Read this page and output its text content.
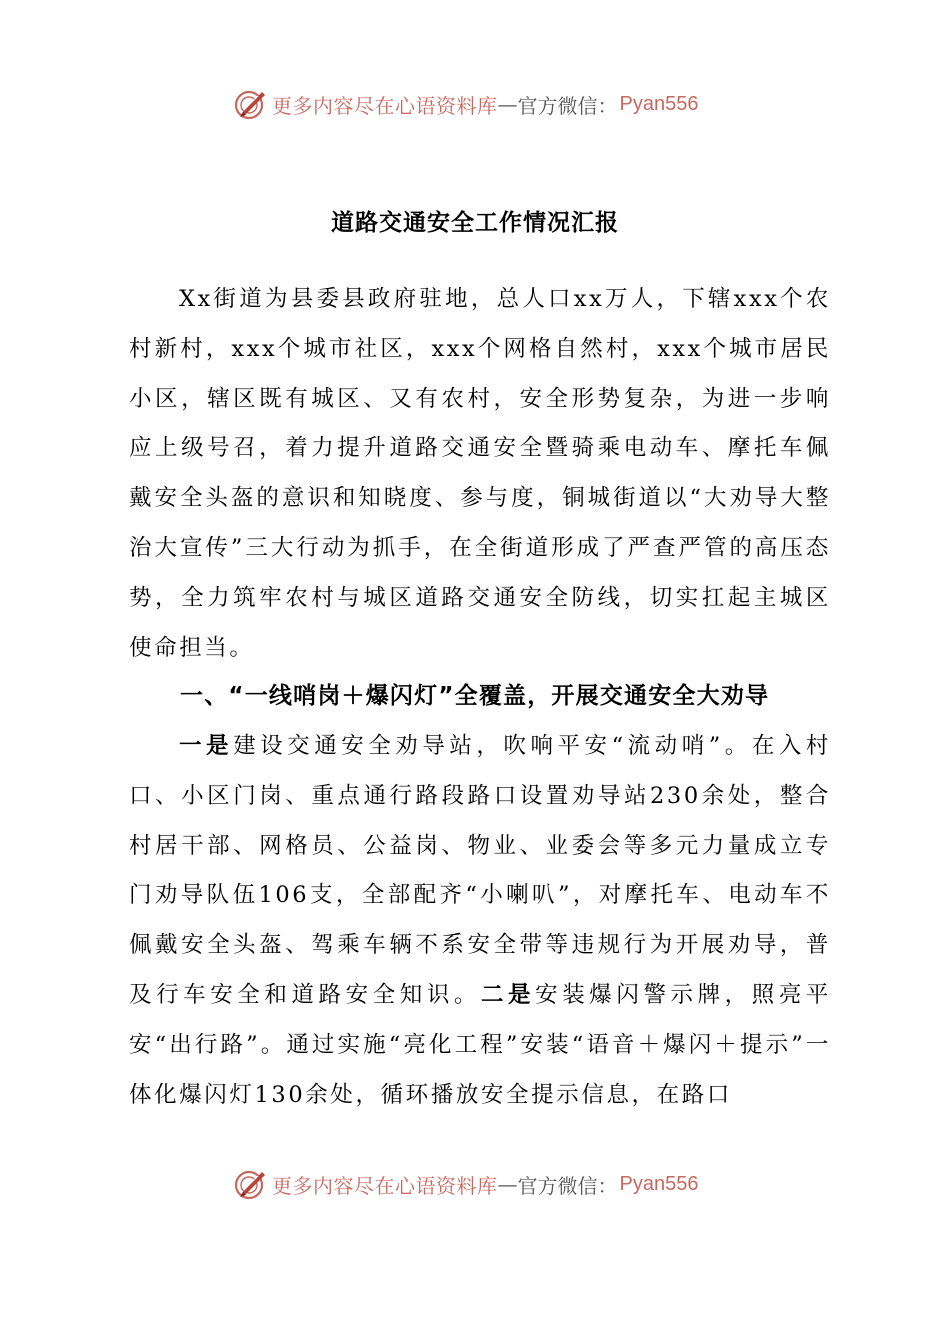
更多内容尽在心语资料库 — 官方微信： Pyan556
道路交通安全工作情况汇报

Xx街道为县委县政府驻地，总人口xx万人，下辖xxx个农村新村，xxx个城市社区，xxx个网格自然村，xxx个城市居民小区，辖区既有城区、又有农村，安全形势复杂，为进一步响应上级号召，着力提升道路交通安全暨骑乘电动车、摩托车佩戴安全头盔的意识和知晓度、参与度，铜城街道以“大劝导大整治大宣传”三大行动为抓手，在全街道形成了严查严管的高压态势，全力筑牢农村与城区道路交通安全防线，切实扛起主城区使命担当。

一、“一线哨岗＋爆闪灯”全覆盖，开展交通安全大劝导

一是建设交通安全劝导站，吹响平安“流动哨”。在入村口、小区门岗、重点通行路段路口设置劝导站230余处，整合村居干部、网格员、公益岗、物业、业委会等多元力量成立专门劝导队伍106支，全部配齐“小喇叭”，对摩托车、电动车不佩戴安全头盔、驾乘车辆不系安全带等违规行为开展劝导，普及行车安全和道路安全知识。二是安装爆闪警示牌，照亮平安“出行路”。通过实施“亮化工程”安装“语音＋爆闪＋提示”一体化爆闪灯130余处，循环播放安全提示信息，在路口

更多内容尽在心语资料库 — 官方微信： Pyan556
